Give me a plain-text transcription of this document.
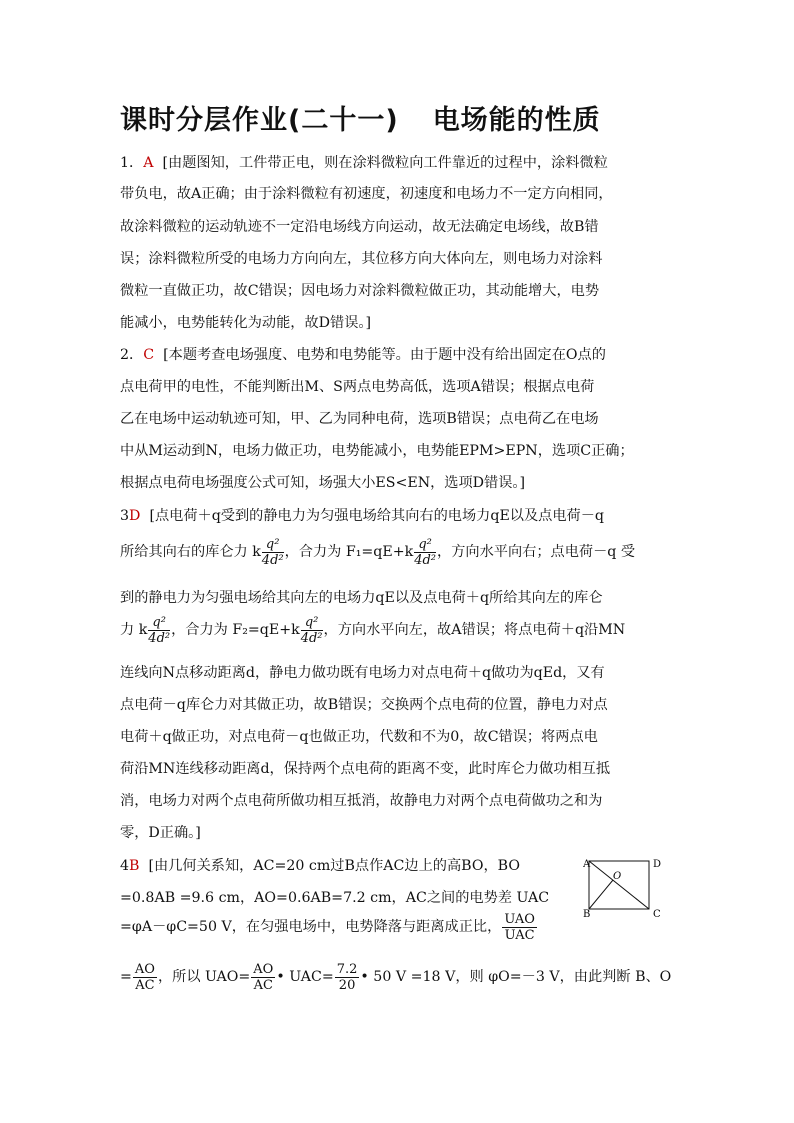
课时分层作业(二十一) 电场能的性质
1．A [由题图知，工件带正电，则在涂料微粒向工件靠近的过程中，涂料微粒
带负电，故A正确；由于涂料微粒有初速度，初速度和电场力不一定方向相同，
故涂料微粒的运动轨迹不一定沿电场线方向运动，故无法确定电场线，故B错
误；涂料微粒所受的电场力方向向左，其位移方向大体向左，则电场力对涂料
微粒一直做正功，故C错误；因电场力对涂料微粒做正功，其动能增大，电势
能减小，电势能转化为动能，故D错误。]
2．C [本题考查电场强度、电势和电势能等。由于题中没有给出固定在O点的
点电荷甲的电性，不能判断出M、S两点电势高低，选项A错误；根据点电荷
乙在电场中运动轨迹可知，甲、乙为同种电荷，选项B错误；点电荷乙在电场
中从M运动到N，电场力做正功，电势能减小，电势能EPM>EPN，选项C正确；
根据点电荷电场强度公式可知，场强大小ES<EN，选项D错误。]
3D [点电荷＋q受到的静电力为匀强电场给其向右的电场力qE以及点电荷－q
所给其向右的库仑力 k $\frac{\text{q²}}{\text{4d²}}$ ，合力为 $F_1=qE+k \frac{\text{q²}}{\text{4d²}}$ ，方向水平向右；点电荷－q 受
到的静电力为匀强电场给其向左的电场力qE以及点电荷＋q所给其向左的库仑
力 k $\frac{\text{q²}}{\text{4d²}}$ ，合力为 $F_2=qE+k \frac{\text{q²}}{\text{4d²}}$ ，方向水平向左，故A错误；将点电荷＋q沿MN
连线向N点移动距离d，静电力做功既有电场力对点电荷＋q做功为qEd，又有
点电荷－q库仑力对其做正功，故B错误；交换两个点电荷的位置，静电力对点
电荷＋q做正功，对点电荷－q也做正功，代数和不为0，故C错误；将两点电
荷沿MN连线移动距离d，保持两个点电荷的距离不变，此时库仑力做功相互抵
消，电场力对两个点电荷所做功相互抵消，故静电力对两个点电荷做功之和为
零，D正确。]
4B [由几何关系知，AC=20 cm过B点作AC边上的高BO，BO
=0.8AB =9.6 cm，AO=0.6AB=7.2 cm，AC之间的电势差 UAC
=φA－φC=50 V，在匀强电场中，电势降落与距离成正比， $\frac{\text{UAO}}{\text{UAC}}$
= $\frac{AO}{AC}$ ，所以 $UAO= \frac{AO}{AC}$ • $UAC= \frac{7.2}{20}$ • 50 V =18 V，则 φO=－3 V，由此判断 B、O
A
B	C
D
O
